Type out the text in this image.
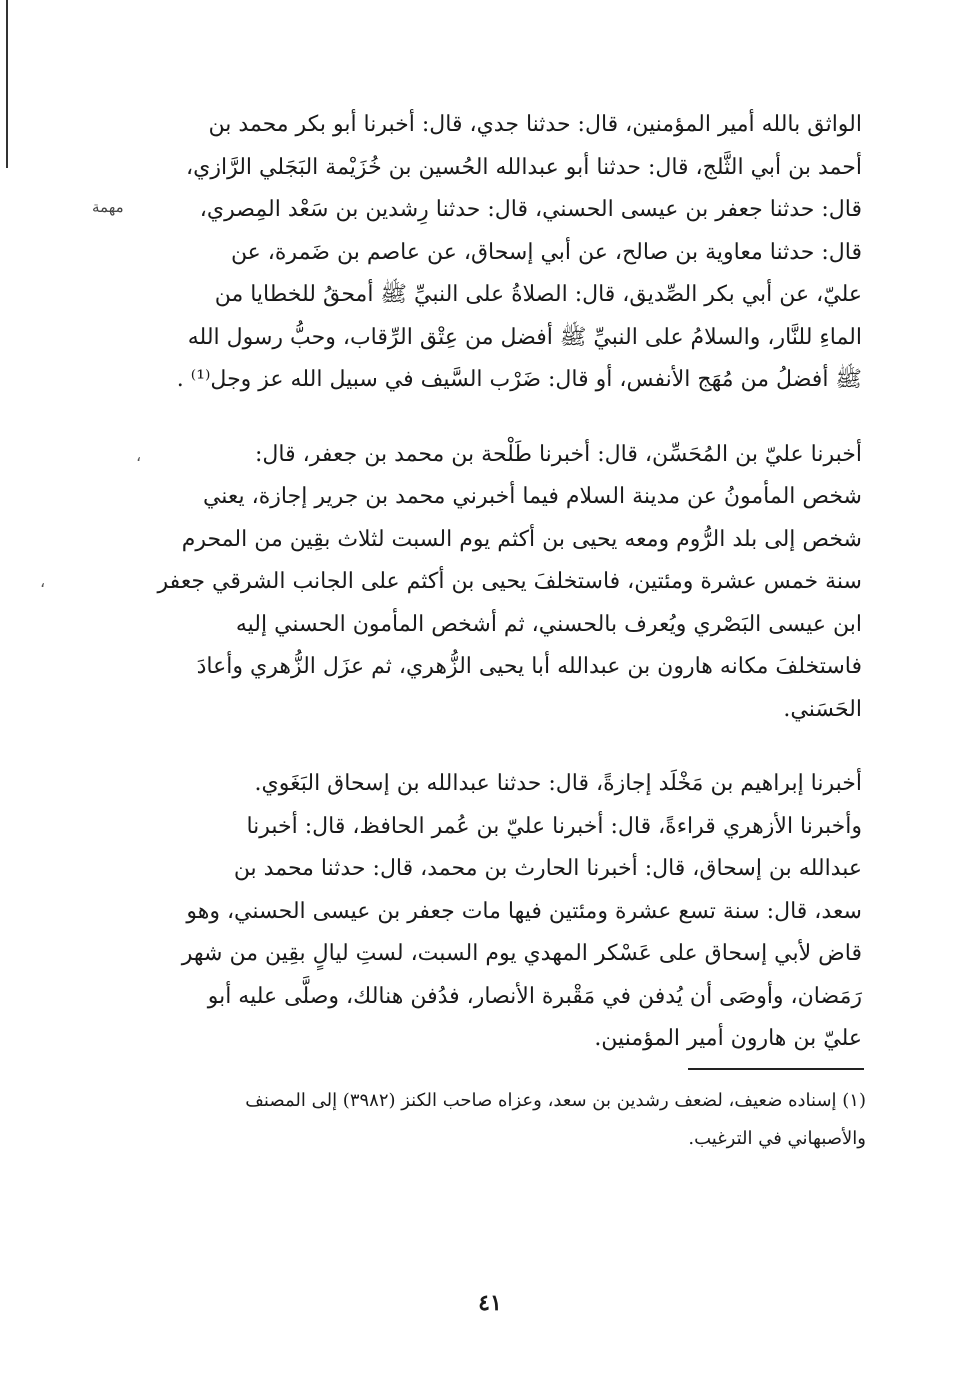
مهمة
،
،
الواثق بالله أمير المؤمنين، قال: حدثنا جدي، قال: أخبرنا أبو بكر محمد بن
أحمد بن أبي الثَّلج، قال: حدثنا أبو عبدالله الحُسين بن خُزَيْمة البَجَلي الرَّازي،
قال: حدثنا جعفر بن عيسى الحسني، قال: حدثنا رِشدين بن سَعْد المِصري،
قال: حدثنا معاوية بن صالح، عن أبي إسحاق، عن عاصم بن ضَمرة، عن
عليّ، عن أبي بكر الصِّديق، قال: الصلاةُ على النبيِّ ﷺ أمحقُ للخطايا من
الماءِ للنَّار، والسلامُ على النبيِّ ﷺ أفضل من عِتْق الرِّقاب، وحبُّ رسول الله
ﷺ أفضلُ من مُهَج الأنفس، أو قال: ضَرْب السَّيف في سبيل الله عز وجل⁽¹⁾ .
أخبرنا عليّ بن المُحَسِّن، قال: أخبرنا طَلْحة بن محمد بن جعفر، قال:
شخص المأمونُ عن مدينة السلام فيما أخبرني محمد بن جرير إجازة، يعني
شخص إلى بلد الرُّوم ومعه يحيى بن أكثم يوم السبت لثلاث بقِين من المحرم
سنة خمس عشرة ومئتين، فاستخلفَ يحيى بن أكثم على الجانب الشرقي جعفر
ابن عيسى البَصْري ويُعرف بالحسني، ثم أشخص المأمون الحسني إليه
فاستخلفَ مكانه هارون بن عبدالله أبا يحيى الزُّهري، ثم عزَل الزُّهري وأعادَ
الحَسَني.
أخبرنا إبراهيم بن مَخْلَد إجازةً، قال: حدثنا عبدالله بن إسحاق البَغَوي.
وأخبرنا الأزهري قراءةً، قال: أخبرنا عليّ بن عُمر الحافظ، قال: أخبرنا
عبدالله بن إسحاق، قال: أخبرنا الحارث بن محمد، قال: حدثنا محمد بن
سعد، قال: سنة تسع عشرة ومئتين فيها مات جعفر بن عيسى الحسني، وهو
قاض لأبي إسحاق على عَسْكر المهدي يوم السبت، لستِ ليالٍ بقِين من شهر
رَمَضان، وأوصَى أن يُدفن في مَقْبرة الأنصار، فدُفن هنالك، وصلَّى عليه أبو
عليّ بن هارون أمير المؤمنين.
(١) إسناده ضعيف، لضعف رشدين بن سعد، وعزاه صاحب الكنز (٣٩٨٢) إلى المصنف
والأصبهاني في الترغيب.
٤١
